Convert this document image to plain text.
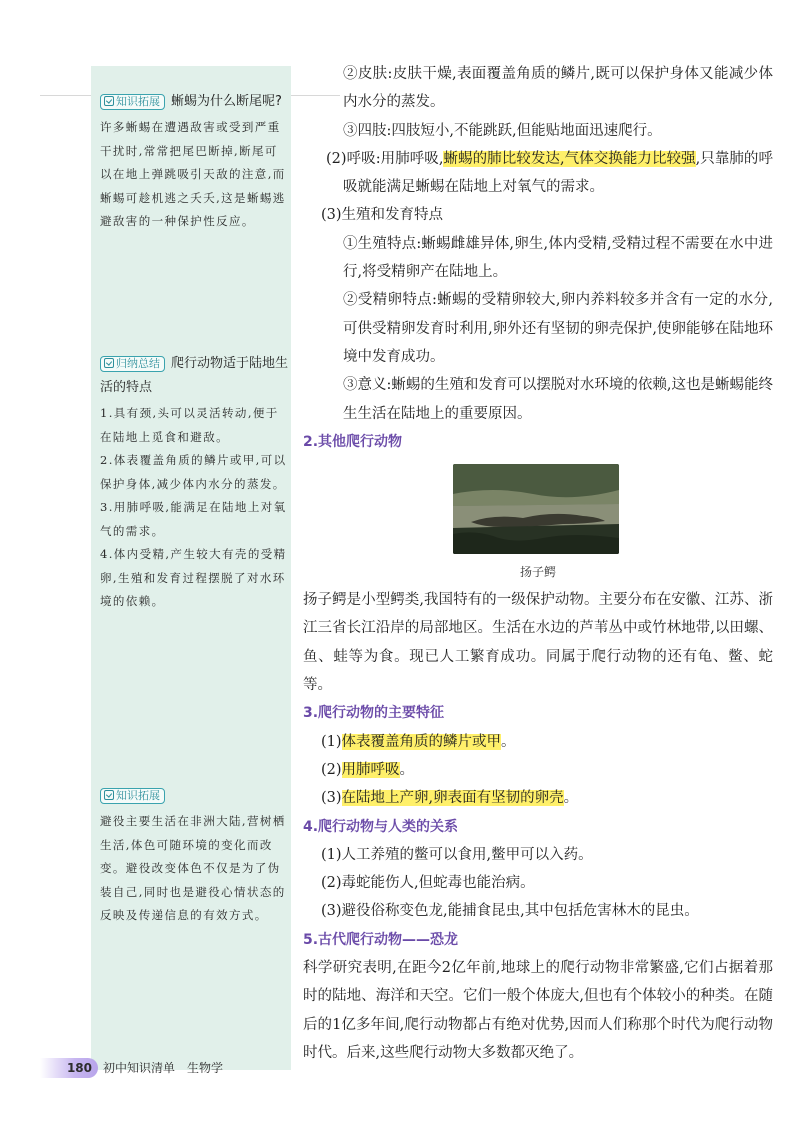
知识拓展 蜥蜴为什么断尾呢?
许多蜥蜴在遭遇敌害或受到严重干扰时,常常把尾巴断掉,断尾可以在地上弹跳吸引天敌的注意,而蜥蜴可趁机逃之夭夭,这是蜥蜴逃避敌害的一种保护性反应。
归纳总结 爬行动物适于陆地生活的特点
1.具有颈,头可以灵活转动,便于在陆地上觅食和避敌。
2.体表覆盖角质的鳞片或甲,可以保护身体,减少体内水分的蒸发。
3.用肺呼吸,能满足在陆地上对氧气的需求。
4.体内受精,产生较大有壳的受精卵,生殖和发育过程摆脱了对水环境的依赖。
知识拓展
避役主要生活在非洲大陆,营树栖生活,体色可随环境的变化而改变。避役改变体色不仅是为了伪装自己,同时也是避役心情状态的反映及传递信息的有效方式。
②皮肤:皮肤干燥,表面覆盖角质的鳞片,既可以保护身体又能减少体内水分的蒸发。
③四肢:四肢短小,不能跳跃,但能贴地面迅速爬行。
(2)呼吸:用肺呼吸,蜥蜴的肺比较发达,气体交换能力比较强,只靠肺的呼吸就能满足蜥蜴在陆地上对氧气的需求。
(3)生殖和发育特点
①生殖特点:蜥蜴雌雄异体,卵生,体内受精,受精过程不需要在水中进行,将受精卵产在陆地上。
②受精卵特点:蜥蜴的受精卵较大,卵内养料较多并含有一定的水分,可供受精卵发育时利用,卵外还有坚韧的卵壳保护,使卵能够在陆地环境中发育成功。
③意义:蜥蜴的生殖和发育可以摆脱对水环境的依赖,这也是蜥蜴能终生生活在陆地上的重要原因。
2.其他爬行动物
扬子鳄
扬子鳄是小型鳄类,我国特有的一级保护动物。主要分布在安徽、江苏、浙江三省长江沿岸的局部地区。生活在水边的芦苇丛中或竹林地带,以田螺、鱼、蛙等为食。现已人工繁育成功。同属于爬行动物的还有龟、鳖、蛇等。
3.爬行动物的主要特征
(1)体表覆盖角质的鳞片或甲。
(2)用肺呼吸。
(3)在陆地上产卵,卵表面有坚韧的卵壳。
4.爬行动物与人类的关系
(1)人工养殖的鳖可以食用,鳖甲可以入药。
(2)毒蛇能伤人,但蛇毒也能治病。
(3)避役俗称变色龙,能捕食昆虫,其中包括危害林木的昆虫。
5.古代爬行动物——恐龙
科学研究表明,在距今2亿年前,地球上的爬行动物非常繁盛,它们占据着那时的陆地、海洋和天空。它们一般个体庞大,但也有个体较小的种类。在随后的1亿多年间,爬行动物都占有绝对优势,因而人们称那个时代为爬行动物时代。后来,这些爬行动物大多数都灭绝了。
180 初中知识清单　生物学
